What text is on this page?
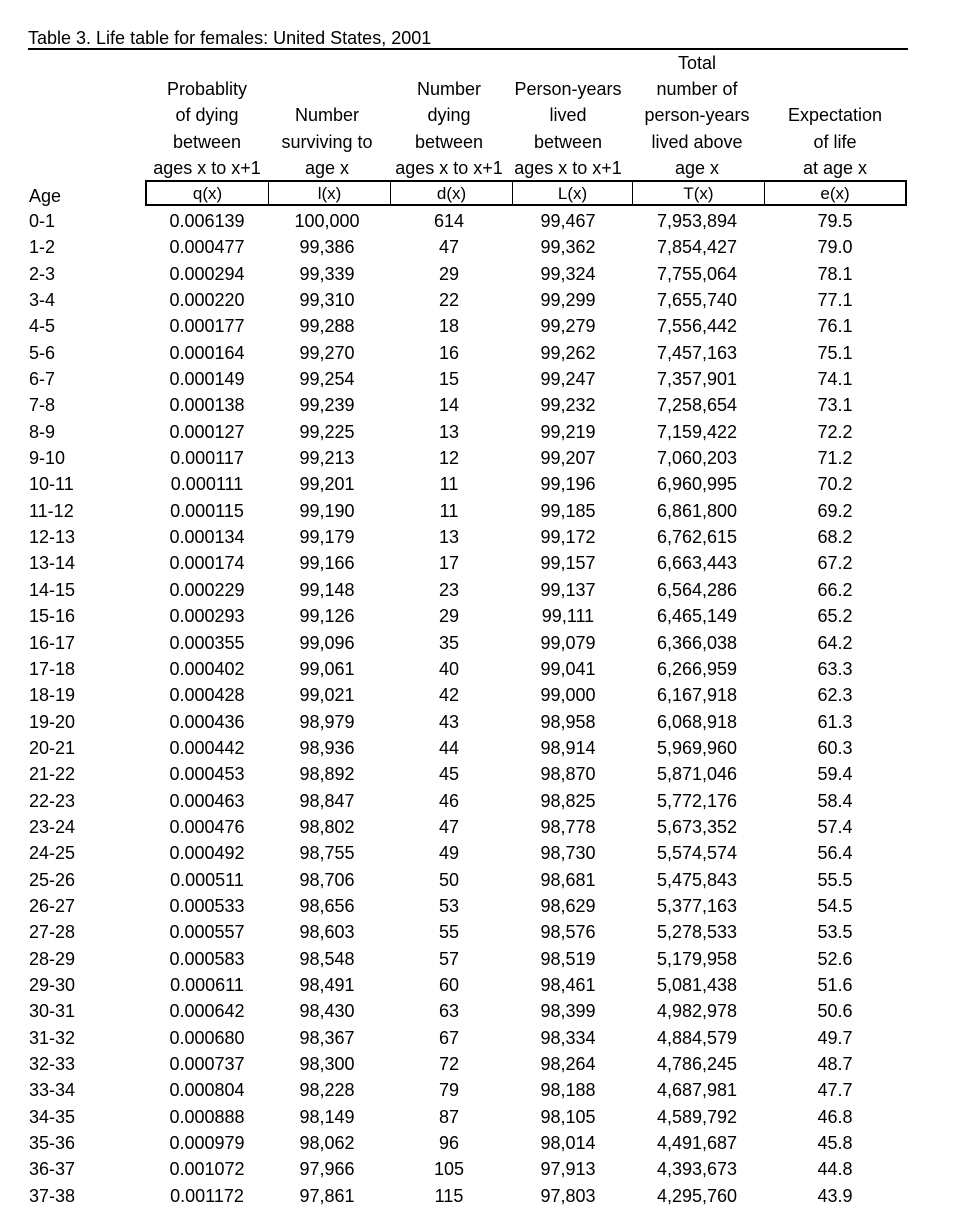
Table 3. Life table for females: United States, 2001
Probablity
of dying
between
ages x to x+1
Number
surviving to
age x
Number
dying
between
ages x to x+1
Person-years
lived
between
ages x to x+1
Total
number of
person-years
lived above
age x
Expectation
of life
at age x
Age	q(x)	l(x)	d(x)	L(x)	T(x)	e(x)
0-1	0.006139	100,000	614	99,467	7,953,894	79.5
1-2	0.000477	99,386	47	99,362	7,854,427	79.0
2-3	0.000294	99,339	29	99,324	7,755,064	78.1
3-4	0.000220	99,310	22	99,299	7,655,740	77.1
4-5	0.000177	99,288	18	99,279	7,556,442	76.1
5-6	0.000164	99,270	16	99,262	7,457,163	75.1
6-7	0.000149	99,254	15	99,247	7,357,901	74.1
7-8	0.000138	99,239	14	99,232	7,258,654	73.1
8-9	0.000127	99,225	13	99,219	7,159,422	72.2
9-10	0.000117	99,213	12	99,207	7,060,203	71.2
10-11	0.000111	99,201	11	99,196	6,960,995	70.2
11-12	0.000115	99,190	11	99,185	6,861,800	69.2
12-13	0.000134	99,179	13	99,172	6,762,615	68.2
13-14	0.000174	99,166	17	99,157	6,663,443	67.2
14-15	0.000229	99,148	23	99,137	6,564,286	66.2
15-16	0.000293	99,126	29	99,111	6,465,149	65.2
16-17	0.000355	99,096	35	99,079	6,366,038	64.2
17-18	0.000402	99,061	40	99,041	6,266,959	63.3
18-19	0.000428	99,021	42	99,000	6,167,918	62.3
19-20	0.000436	98,979	43	98,958	6,068,918	61.3
20-21	0.000442	98,936	44	98,914	5,969,960	60.3
21-22	0.000453	98,892	45	98,870	5,871,046	59.4
22-23	0.000463	98,847	46	98,825	5,772,176	58.4
23-24	0.000476	98,802	47	98,778	5,673,352	57.4
24-25	0.000492	98,755	49	98,730	5,574,574	56.4
25-26	0.000511	98,706	50	98,681	5,475,843	55.5
26-27	0.000533	98,656	53	98,629	5,377,163	54.5
27-28	0.000557	98,603	55	98,576	5,278,533	53.5
28-29	0.000583	98,548	57	98,519	5,179,958	52.6
29-30	0.000611	98,491	60	98,461	5,081,438	51.6
30-31	0.000642	98,430	63	98,399	4,982,978	50.6
31-32	0.000680	98,367	67	98,334	4,884,579	49.7
32-33	0.000737	98,300	72	98,264	4,786,245	48.7
33-34	0.000804	98,228	79	98,188	4,687,981	47.7
34-35	0.000888	98,149	87	98,105	4,589,792	46.8
35-36	0.000979	98,062	96	98,014	4,491,687	45.8
36-37	0.001072	97,966	105	97,913	4,393,673	44.8
37-38	0.001172	97,861	115	97,803	4,295,760	43.9
